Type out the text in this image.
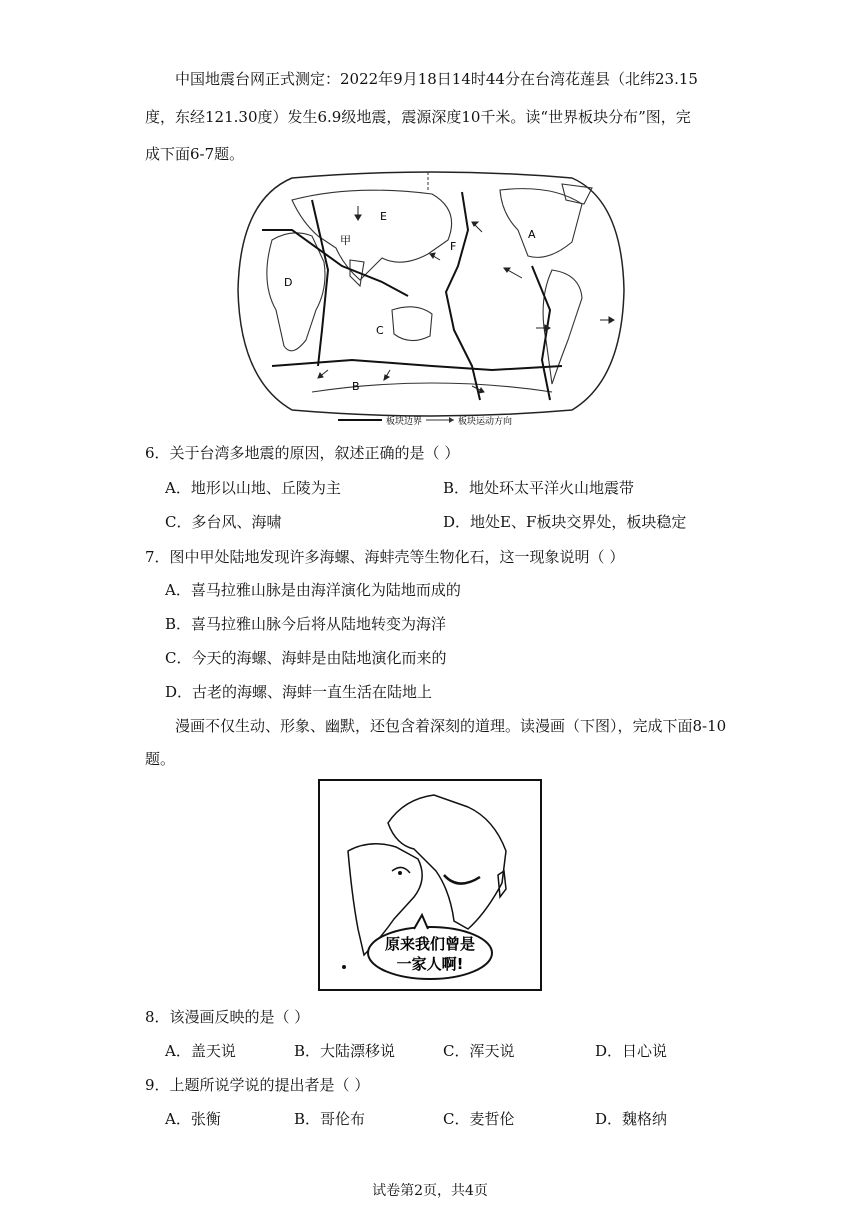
中国地震台网正式测定：2022年9月18日14时44分在台湾花莲县（北纬23.15
度，东经121.30度）发生6.9级地震，震源深度10千米。读“世界板块分布”图，完
成下面6-7题。
A
B
C
D
E
F
甲
板块边界	板块运动方向
6．关于台湾多地震的原因，叙述正确的是（ ）
A．地形以山地、丘陵为主	B．地处环太平洋火山地震带
C．多台风、海啸	D．地处E、F板块交界处，板块稳定
7．图中甲处陆地发现许多海螺、海蚌壳等生物化石，这一现象说明（ ）
A．喜马拉雅山脉是由海洋演化为陆地而成的
B．喜马拉雅山脉今后将从陆地转变为海洋
C．今天的海螺、海蚌是由陆地演化而来的
D．古老的海螺、海蚌一直生活在陆地上
漫画不仅生动、形象、幽默，还包含着深刻的道理。读漫画（下图），完成下面8-10
题。
原来我们曾是
一家人啊!
8．该漫画反映的是（ ）
A．盖天说	B．大陆漂移说	C．浑天说	D．日心说
9．上题所说学说的提出者是（ ）
A．张衡	B．哥伦布	C．麦哲伦	D．魏格纳
试卷第2页，共4页
